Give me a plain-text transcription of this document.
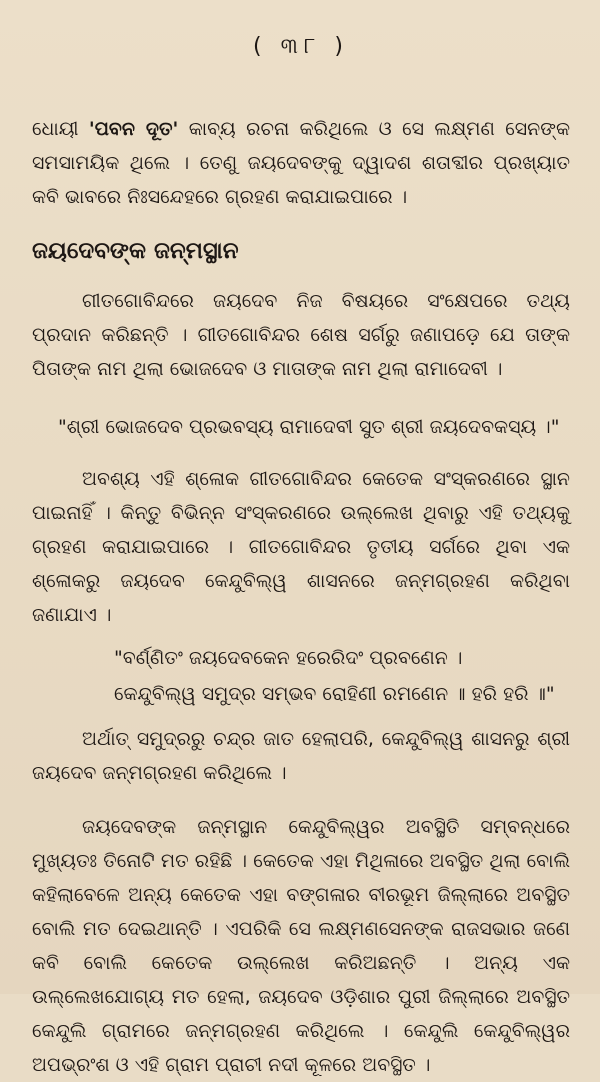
( ୩୮ )

ଧୋୟୀ 'ପବନ ଦୂତ' କାବ୍ୟ ରଚନା କରିଥିଲେ ଓ ସେ ଲକ୍ଷ୍ମଣ ସେନଙ୍କ ସମସାମୟିକ ଥିଲେ । ତେଣୁ ଜୟଦେବଙ୍କୁ ଦ୍ୱାଦଶ ଶତାବ୍ଦୀର ପ୍ରଖ୍ୟାତ କବି ଭାବରେ ନିଃସନ୍ଦେହରେ ଗ୍ରହଣ କରାଯାଇପାରେ ।

ଜୟଦେବଙ୍କ ଜନ୍ମସ୍ଥାନ

ଗୀତଗୋବିନ୍ଦରେ ଜୟଦେବ ନିଜ ବିଷୟରେ ସଂକ୍ଷେପରେ ତଥ୍ୟ ପ୍ରଦାନ କରିଛନ୍ତି । ଗୀତଗୋବିନ୍ଦର ଶେଷ ସର୍ଗରୁ ଜଣାପଡ଼େ ଯେ ତାଙ୍କ ପିତାଙ୍କ ନାମ ଥିଲା ଭୋଜଦେବ ଓ ମାତାଙ୍କ ନାମ ଥିଲା ରାମାଦେବୀ ।

"ଶ୍ରୀ ଭୋଜଦେବ ପ୍ରଭବସ୍ୟ ରାମାଦେବୀ ସୁତ ଶ୍ରୀ ଜୟଦେବକସ୍ୟ ।"

ଅବଶ୍ୟ ଏହି ଶ୍ଳୋକ ଗୀତଗୋବିନ୍ଦର କେତେକ ସଂସ୍କରଣରେ ସ୍ଥାନ ପାଇନାହିଁ । କିନ୍ତୁ ବିଭିନ୍ନ ସଂସ୍କରଣରେ ଉଲ୍ଲେଖ ଥିବାରୁ ଏହି ତଥ୍ୟକୁ ଗ୍ରହଣ କରାଯାଇପାରେ । ଗୀତଗୋବିନ୍ଦର ତୃତୀୟ ସର୍ଗରେ ଥିବା ଏକ ଶ୍ଳୋକରୁ ଜୟଦେବ କେନ୍ଦୁବିଲ୍ୱ ଶାସନରେ ଜନ୍ମଗ୍ରହଣ କରିଥିବା ଜଣାଯାଏ ।

"ବର୍ଣ୍ଣିତଂ ଜୟଦେବକେନ ହରେରିଦଂ ପ୍ରବଣେନ ।
କେନ୍ଦୁବିଲ୍ୱ ସମୁଦ୍ର ସମ୍ଭବ ରୋହିଣୀ ରମଣେନ ॥ ହରି ହରି ॥"

ଅର୍ଥାତ୍ ସମୁଦ୍ରରୁ ଚନ୍ଦ୍ର ଜାତ ହେଲାପରି, କେନ୍ଦୁବିଲ୍ୱ ଶାସନରୁ ଶ୍ରୀ ଜୟଦେବ ଜନ୍ମଗ୍ରହଣ କରିଥିଲେ ।

ଜୟଦେବଙ୍କ ଜନ୍ମସ୍ଥାନ କେନ୍ଦୁବିଲ୍ୱର ଅବସ୍ଥିତି ସମ୍ବନ୍ଧରେ ମୁଖ୍ୟତଃ ତିନୋଟି ମତ ରହିଛି । କେତେକ ଏହା ମିଥିଳାରେ ଅବସ୍ଥିତ ଥିଲା ବୋଲି କହିଲାବେଳେ ଅନ୍ୟ କେତେକ ଏହା ବଙ୍ଗଳାର ବୀରଭୂମ ଜିଲ୍ଲାରେ ଅବସ୍ଥିତ ବୋଲି ମତ ଦେଇଥାନ୍ତି । ଏପରିକି ସେ ଲକ୍ଷ୍ମଣସେନଙ୍କ ରାଜସଭାର ଜଣେ କବି ବୋଲି କେତେକ ଉଲ୍ଲେଖ କରିଅଛନ୍ତି । ଅନ୍ୟ ଏକ ଉଲ୍ଲେଖଯୋଗ୍ୟ ମତ ହେଲା, ଜୟଦେବ ଓଡ଼ିଶାର ପୁରୀ ଜିଲ୍ଲାରେ ଅବସ୍ଥିତ କେନ୍ଦୁଲି ଗ୍ରାମରେ ଜନ୍ମଗ୍ରହଣ କରିଥିଲେ । କେନ୍ଦୁଲି କେନ୍ଦୁବିଲ୍ୱର ଅପଭ୍ରଂଶ ଓ ଏହି ଗ୍ରାମ ପ୍ରାଚୀ ନଦୀ କୂଳରେ ଅବସ୍ଥିତ ।
